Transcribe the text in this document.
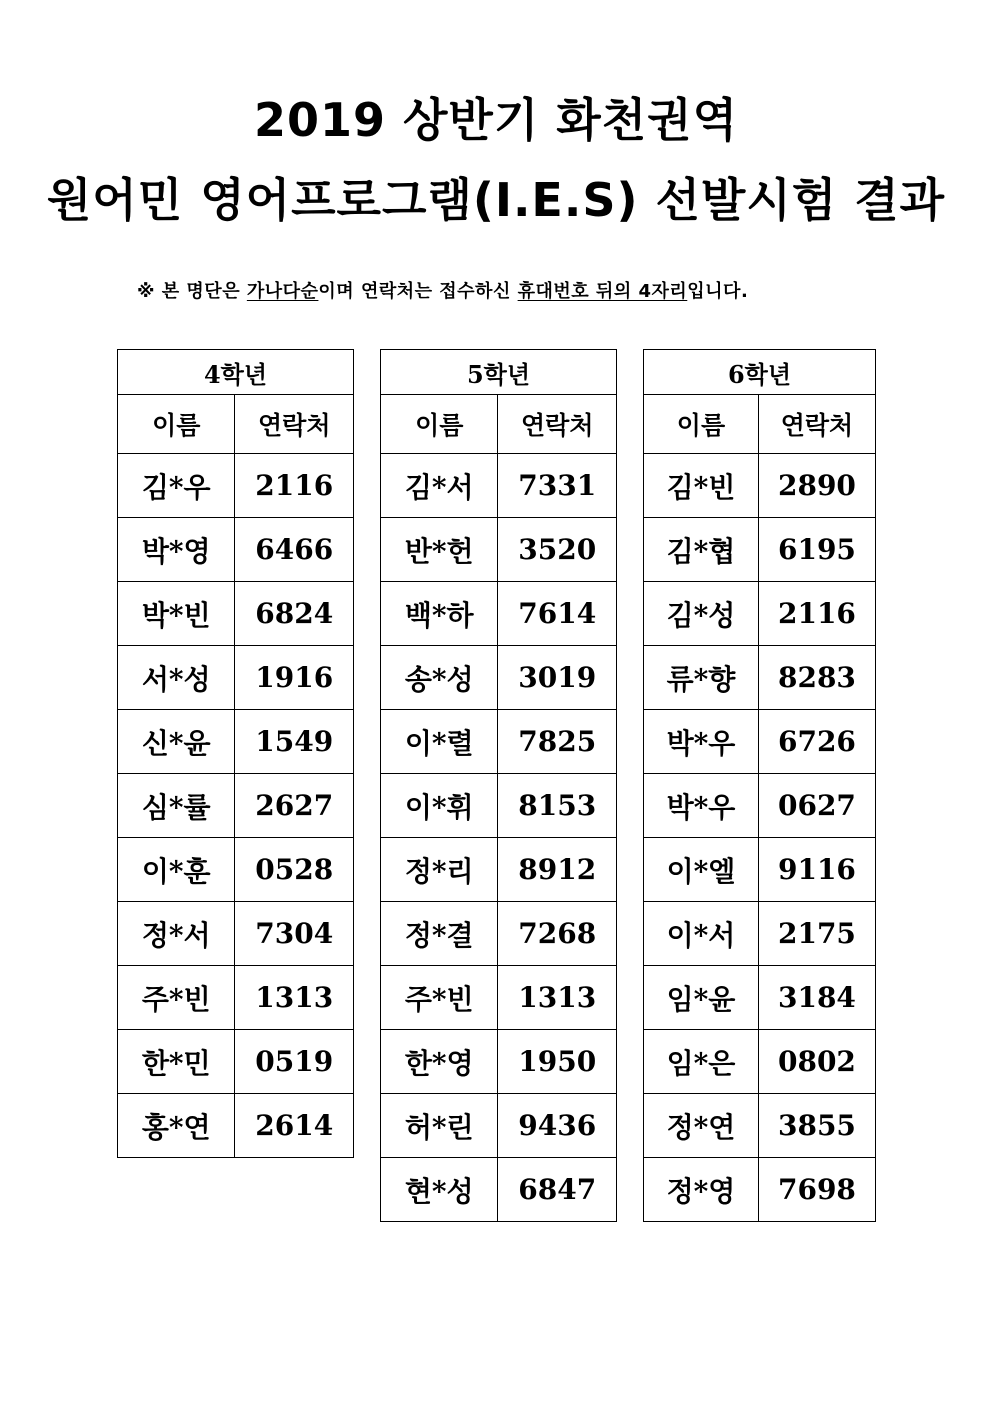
2019 상반기 화천권역
원어민 영어프로그램(I.E.S) 선발시험 결과
※ 본 명단은 가나다순이며 연락처는 접수하신 휴대번호 뒤의 4자리입니다.
4학년	
이름	연락처
김*우	2116
박*영	6466
박*빈	6824
서*성	1916
신*윤	1549
심*률	2627
이*훈	0528
정*서	7304
주*빈	1313
한*민	0519
홍*연	2614
5학년	
이름	연락처
김*서	7331
반*헌	3520
백*하	7614
송*성	3019
이*렬	7825
이*휘	8153
정*리	8912
정*결	7268
주*빈	1313
한*영	1950
허*린	9436
현*성	6847
6학년	
이름	연락처
김*빈	2890
김*협	6195
김*성	2116
류*향	8283
박*우	6726
박*우	0627
이*엘	9116
이*서	2175
임*윤	3184
임*은	0802
정*연	3855
정*영	7698
